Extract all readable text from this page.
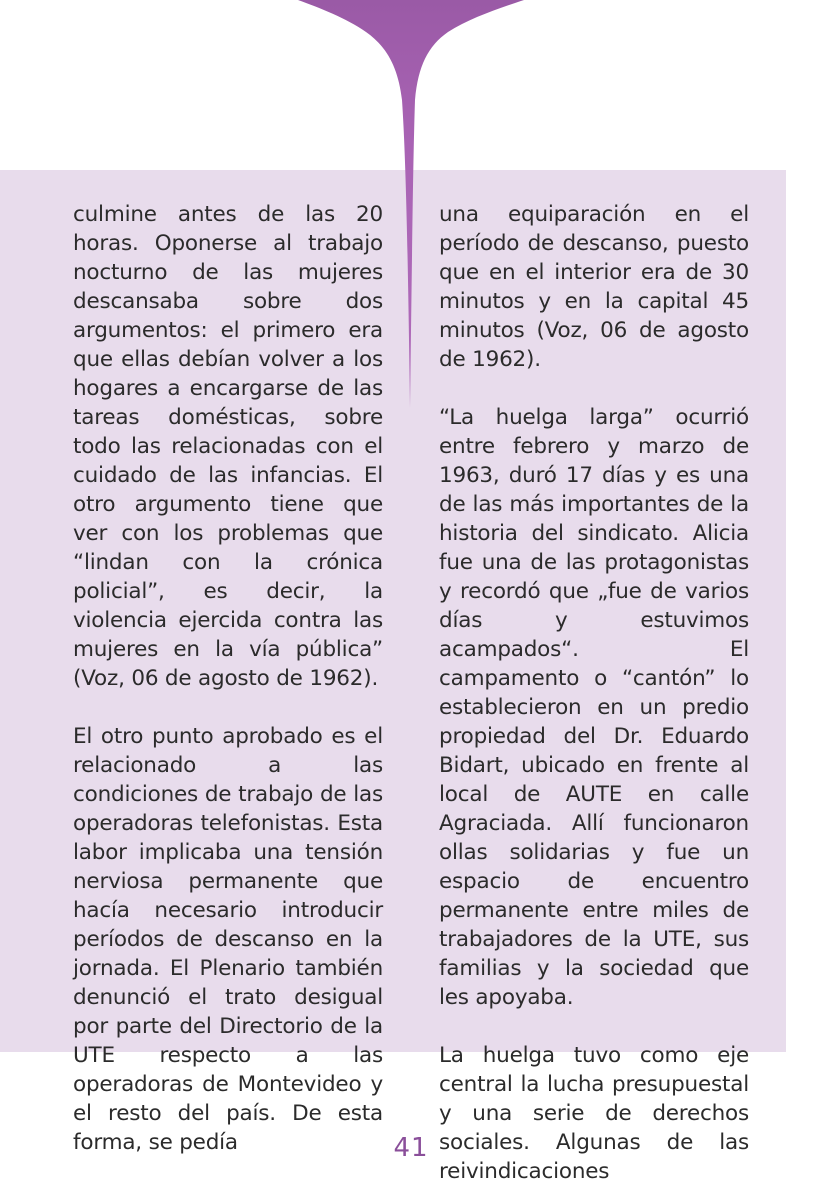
culmine antes de las 20 horas. Oponerse al trabajo nocturno de las mujeres descansaba sobre dos argumentos: el primero era que ellas debían volver a los hogares a encargarse de las tareas domésticas, sobre todo las relacionadas con el cuidado de las infancias. El otro argumento tiene que ver con los problemas que “lindan con la crónica policial”, es decir, la violencia ejercida contra las mujeres en la vía pública” (Voz, 06 de agosto de 1962).

El otro punto aprobado es el relacionado a las condiciones de trabajo de las operadoras telefonistas. Esta labor implicaba una tensión nerviosa permanente que hacía necesario introducir períodos de descanso en la jornada. El Plenario también denunció el trato desigual por parte del Directorio de la UTE respecto a las operadoras de Montevideo y el resto del país. De esta forma, se pedía

una equiparación en el período de descanso, puesto que en el interior era de 30 minutos y en la capital 45 minutos (Voz, 06 de agosto de 1962).

“La huelga larga” ocurrió entre febrero y marzo de 1963, duró 17 días y es una de las más importantes de la historia del sindicato. Alicia fue una de las protagonistas y recordó que „fue de varios días y estuvimos acampados“. El campamento o “cantón” lo establecieron en un predio propiedad del Dr. Eduardo Bidart, ubicado en frente al local de AUTE en calle Agraciada. Allí funcionaron ollas solidarias y fue un espacio de encuentro permanente entre miles de trabajadores de la UTE, sus familias y la sociedad que les apoyaba.

La huelga tuvo como eje central la lucha presupuestal y una serie de derechos sociales. Algunas de las reivindicaciones

41
